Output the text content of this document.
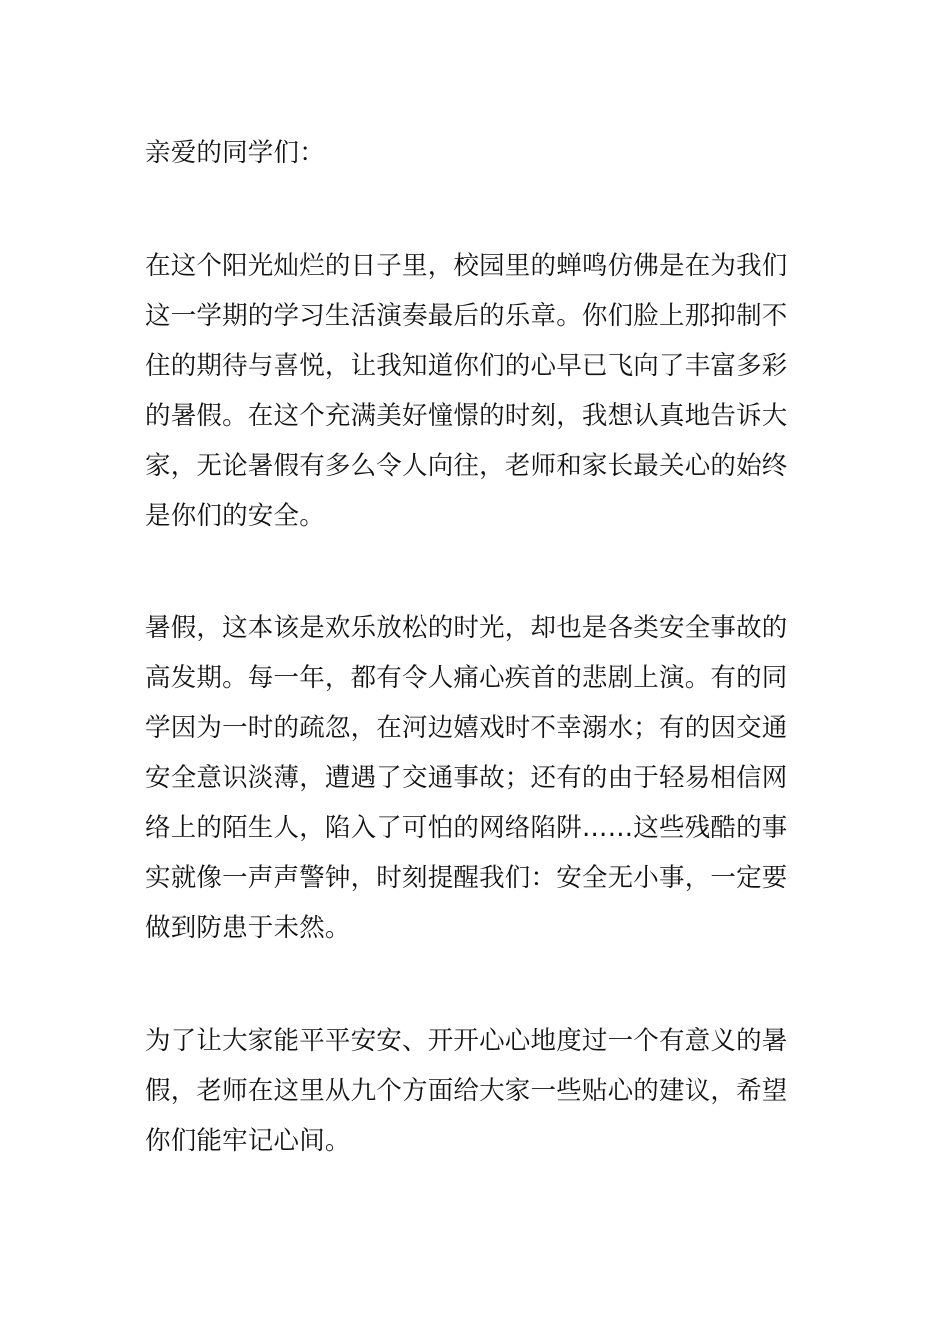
亲爱的同学们：

在这个阳光灿烂的日子里，校园里的蝉鸣仿佛是在为我们

这一学期的学习生活演奏最后的乐章。你们脸上那抑制不

住的期待与喜悦，让我知道你们的心早已飞向了丰富多彩

的暑假。在这个充满美好憧憬的时刻，我想认真地告诉大

家，无论暑假有多么令人向往，老师和家长最关心的始终

是你们的安全。

暑假，这本该是欢乐放松的时光，却也是各类安全事故的

高发期。每一年，都有令人痛心疾首的悲剧上演。有的同

学因为一时的疏忽，在河边嬉戏时不幸溺水；有的因交通

安全意识淡薄，遭遇了交通事故；还有的由于轻易相信网

络上的陌生人，陷入了可怕的网络陷阱……这些残酷的事

实就像一声声警钟，时刻提醒我们：安全无小事，一定要

做到防患于未然。

为了让大家能平平安安、开开心心地度过一个有意义的暑

假，老师在这里从九个方面给大家一些贴心的建议，希望

你们能牢记心间。
